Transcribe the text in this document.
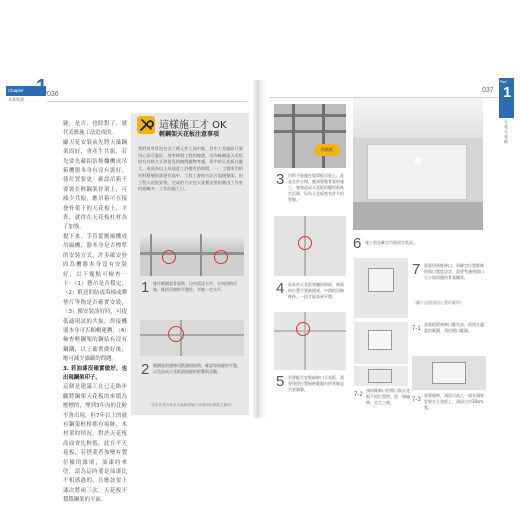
Chapter 1
木質裝潢
036

縫，是否，也除對了，就代表應施工法造成的。

顯天花安裝前先將天藻鋼架固好，會產生共振，若先要先藏鋁箔燒爛機成吊箱機器本身有沒有裝好，使位置要更：確認吊箱不要裝在輕鋼架骨架上，可減少共振，應吊箱可在接發骨架下的天花板上，平齊，就得在天花板柱材為了加強。

提下來，手管從應風機成吊風機，器本身是否標準的安裝方式，許多確安登固為機器本身沒有安裝好，以下幾點可檢查一下：（1）懸吊是否穩定，（2）附送的防震海棉或膠墊片等物是否確實安裝，（3）搬安裝該好時，可提低適現試的共振，焊接機器本身可否順暢運轉，（4）檢查輕鋼架的鋼結有沒有鋼鐵，以上確實做好後，應可減少露齦的問題。

3. 若油漆沒確實做好，也出現鋼架印子。

這個是建議工在已走路步驟將鋼架天花板的來積為應標的，埋到3年內的比較不會出現，但7年以上的就有鋼架框格都有痕跡，木材架的情況，對於天花板高面會比較低，此在平天花板，若搭業者加變有製位羅的維則，油漆時來塗，認為這時要是油漆比不相感過的，且應該要上漆次將兩三次，天花板不穩穩鋼架的平面。

這樣施工才 OK
輕鋼架天花板注意事項
我們用草骨泥包含三種元件上面中點，其中工差縫原只要用心即可做好，效率時間工程的報價，因為輕鋼架天花板依有其格方式和常見的無問題物考慮，但中的天花板在應大，或成為以上為油漆工評價有的時間，一、工程所用的材料整層的需要有高中。工程工會按方法合規後整架，但工程天花板安裝，完成的方法包天花板安裝的應因工作室的組織多，工作的施工日。
1 施作輕鋼架骨架時，拉約需達水平，分別頂的吊線，維持吊線的平整性，有無一定水平。
2 輕鋼架的邊條用紙邊相接時，確認每接縫的平整，以免造成天花板面接縫的影響與美觀。
（以本作者在家室內裝修經驗分享的設計實際主要作）
037
Part
1
天花天花板
吊筋板
3 吊桿不能連在燈罩板吊筋上，此是在於合理，應該要做骨架的施工，會使造成天花板的變形與產生沉降，因為天花板裡有許多的管線。
4 原本的天花板要擴的時候，裡面的位置不要被擋到，中間的吊線維持，一段才能高到平整。
5 若要配合安裝檢修口天花板，需要預留位置檢修範圍內的管線是否要調整。
6 施工前先確定吊筋固定狀況。
7 需要用到維修口，須確定位置維修的開口寬度設定，需要考慮到開口大小與周邊的骨架關係。
（圖片這個預留位置的範例）
7-1
該業板燈座修口應先放，依照在適當的範圍，預估開口範圍。
7-2
預留維修口的開口與天花板不同位置時，依一個檢修，完全之後。	7-3
需要做時，預留可放入一個木頭來安裝在天花板上，預留大約30cm寬。
